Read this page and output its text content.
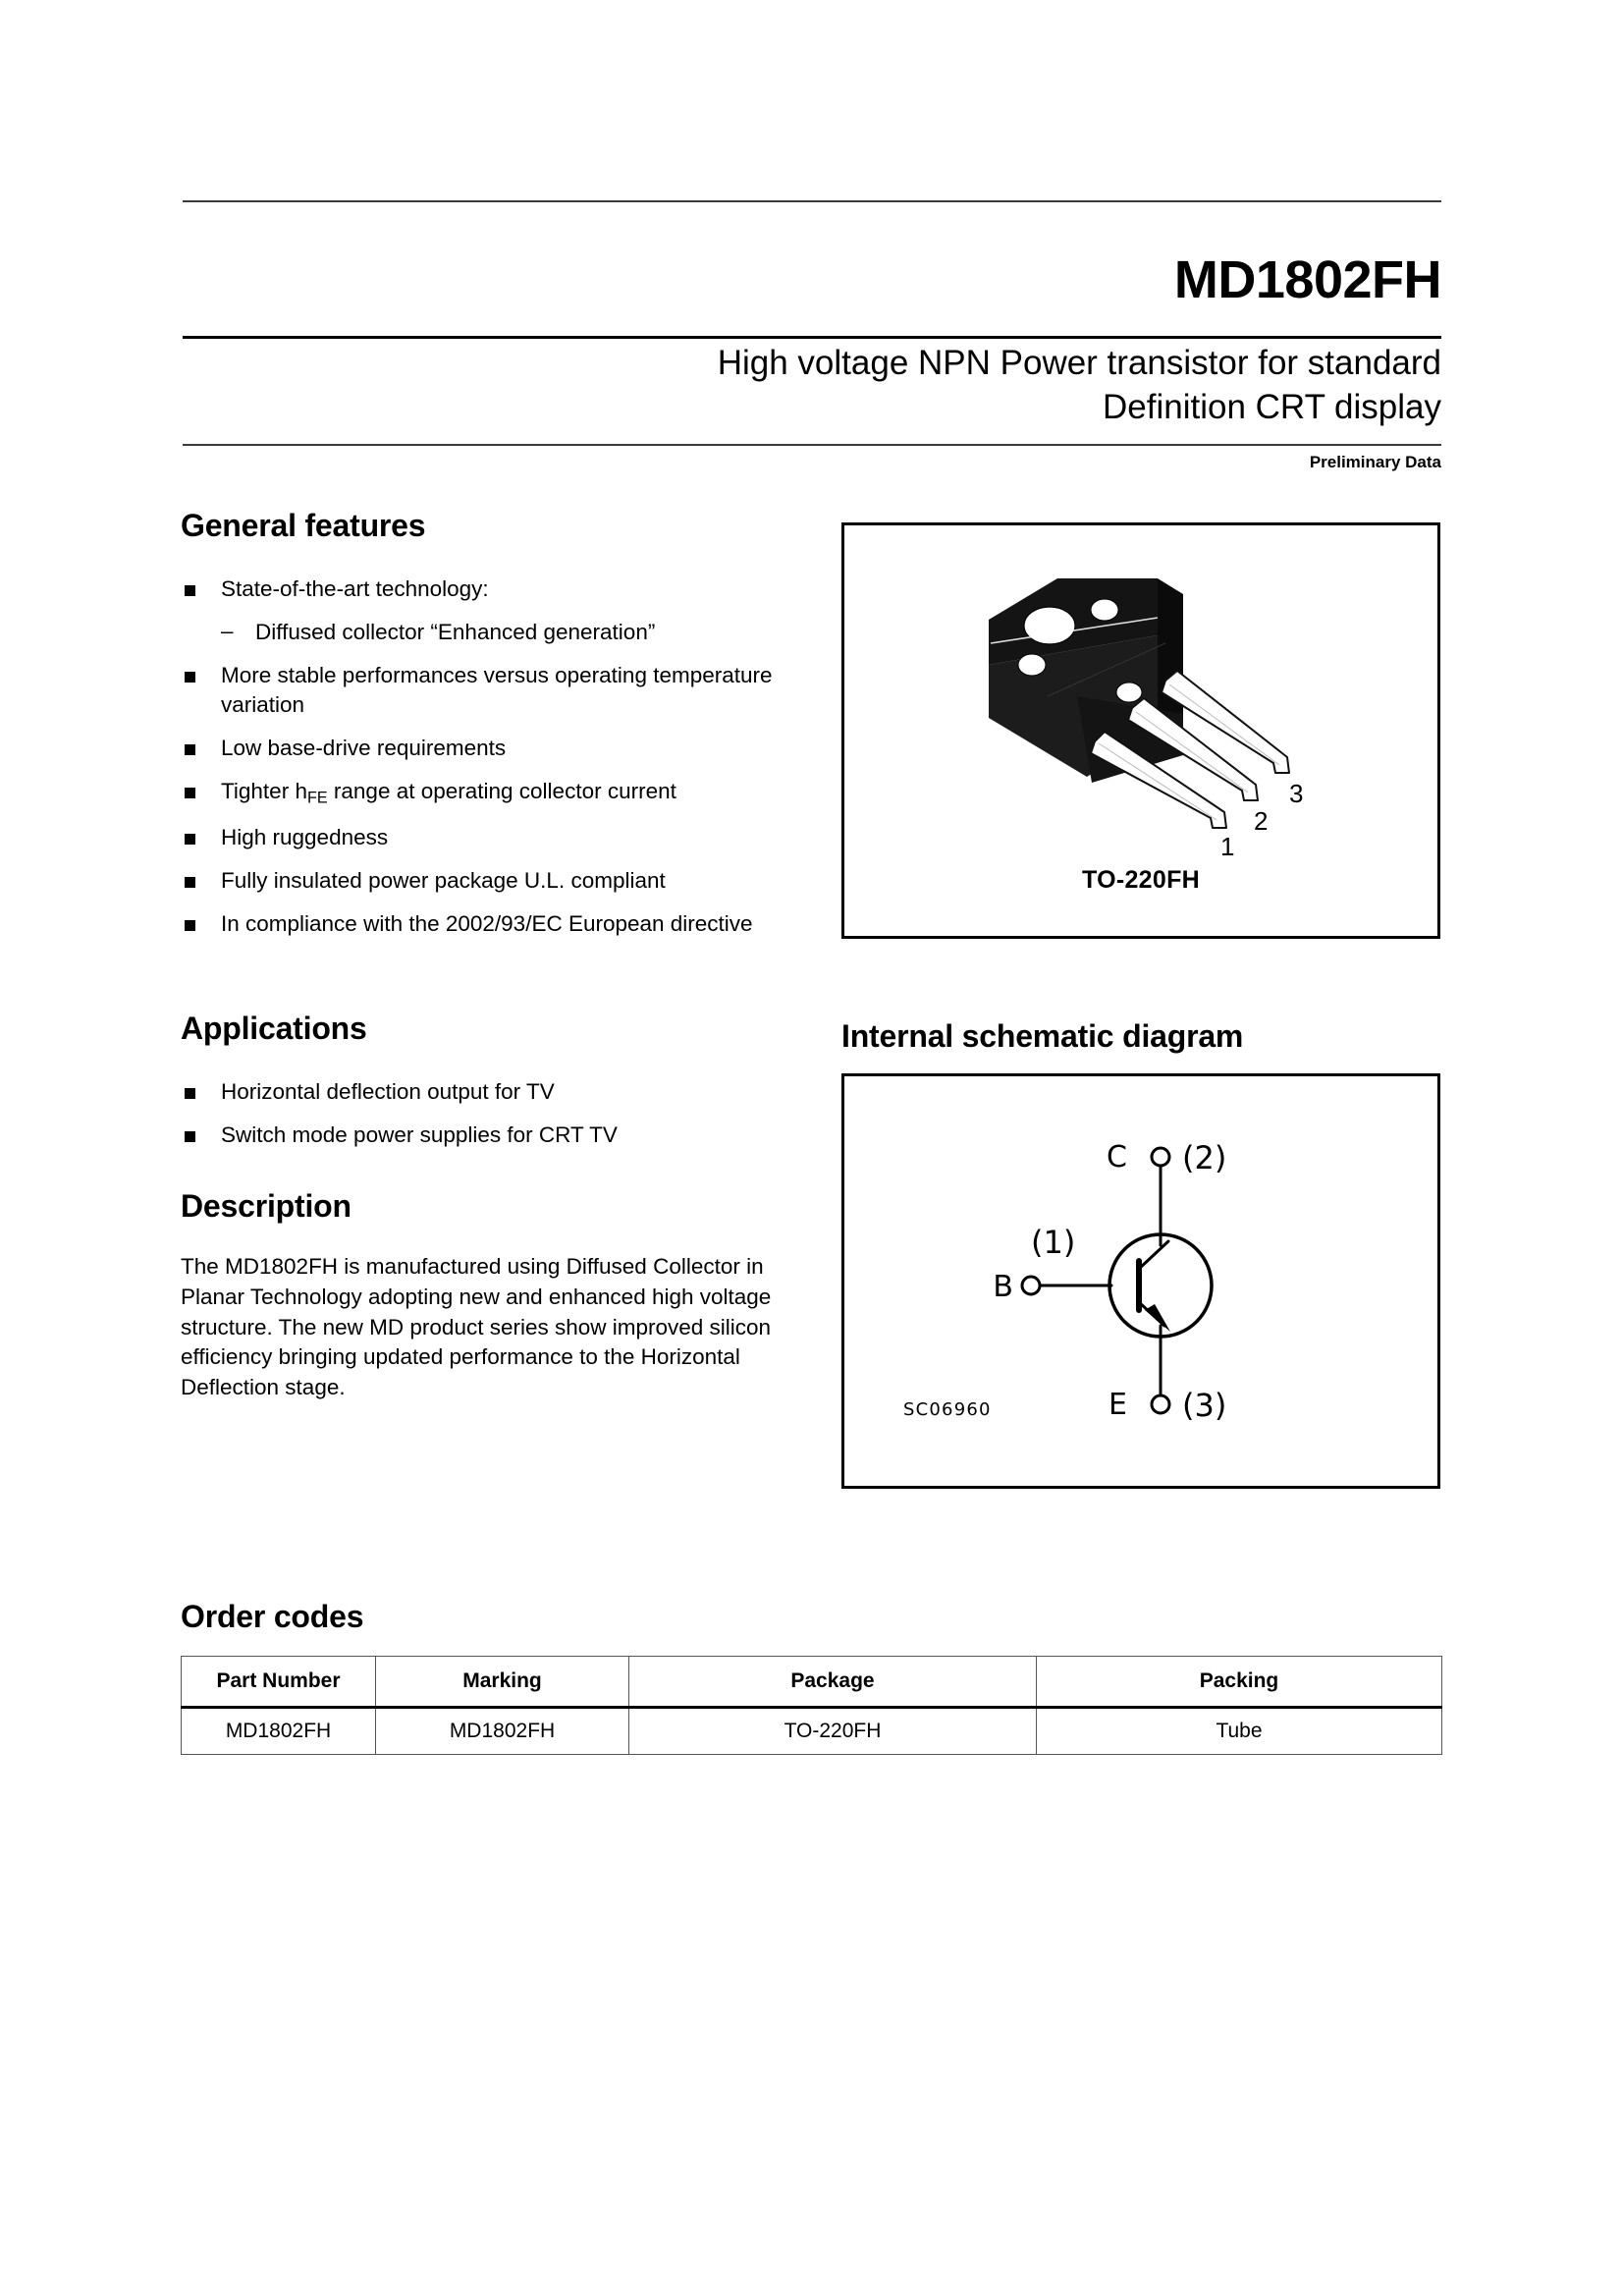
MD1802FH
High voltage NPN Power transistor for standard
Definition CRT display
Preliminary Data
General features
State-of-the-art technology:
– Diffused collector “Enhanced generation”
More stable performances versus operating temperature variation
Low base-drive requirements
Tighter $h_{FE}$ range at operating collector current
High ruggedness
Fully insulated power package U.L. compliant
In compliance with the 2002/93/EC European directive
Applications
Horizontal deflection output for TV
Switch mode power supplies for CRT TV
Description

The MD1802FH is manufactured using Diffused Collector in Planar Technology adopting new and enhanced high voltage structure. The new MD product series show improved silicon efficiency bringing updated performance to the Horizontal Deflection stage.

1
2
3
TO-220FH
Internal schematic diagram
C (2)
B
(1)
E (3)
SC06960
Order codes
Part Number	Marking	Package	Packing
MD1802FH	MD1802FH	TO-220FH	Tube
